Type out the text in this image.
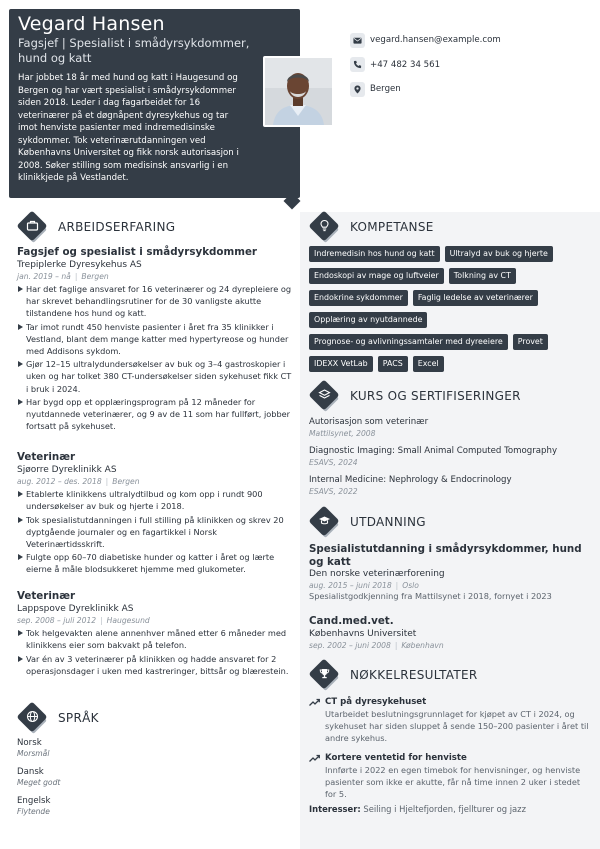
Vegard Hansen
Fagsjef | Spesialist i smådyrsykdommer, hund og katt
Har jobbet 18 år med hund og katt i Haugesund og Bergen og har vært spesialist i smådyrsykdommer siden 2018. Leder i dag fagarbeidet for 16 veterinærer på et døgnåpent dyresykehus og tar imot henviste pasienter med indremedisinske sykdommer. Tok veterinærutdanningen ved Københavns Universitet og fikk norsk autorisasjon i 2008. Søker stilling som medisinsk ansvarlig i en klinikkjede på Vestlandet.
vegard.hansen@example.com
+47 482 34 561
Bergen
ARBEIDSERFARING
Fagsjef og spesialist i smådyrsykdommer
Trepiplerke Dyresykehus AS
jan. 2019 – nå | Bergen
Har det faglige ansvaret for 16 veterinærer og 24 dyrepleiere og har skrevet behandlingsrutiner for de 30 vanligste akutte tilstandene hos hund og katt.
Tar imot rundt 450 henviste pasienter i året fra 35 klinikker i Vestland, blant dem mange katter med hypertyreose og hunder med Addisons sykdom.
Gjør 12–15 ultralydundersøkelser av buk og 3–4 gastroskopier i uken og har tolket 380 CT-undersøkelser siden sykehuset fikk CT i bruk i 2024.
Har bygd opp et opplæringsprogram på 12 måneder for nyutdannede veterinærer, og 9 av de 11 som har fullført, jobber fortsatt på sykehuset.
Veterinær
Sjøorre Dyreklinikk AS
aug. 2012 – des. 2018 | Bergen
Etablerte klinikkens ultralydtilbud og kom opp i rundt 900 undersøkelser av buk og hjerte i 2018.
Tok spesialistutdanningen i full stilling på klinikken og skrev 20 dyptgående journaler og en fagartikkel i Norsk Veterinærtidsskrift.
Fulgte opp 60–70 diabetiske hunder og katter i året og lærte eierne å måle blodsukkeret hjemme med glukometer.
Veterinær
Lappspove Dyreklinikk AS
sep. 2008 – juli 2012 | Haugesund
Tok helgevakten alene annenhver måned etter 6 måneder med klinikkens eier som bakvakt på telefon.
Var én av 3 veterinærer på klinikken og hadde ansvaret for 2 operasjonsdager i uken med kastreringer, bittsår og blærestein.
SPRÅK
Norsk
Morsmål
Dansk
Meget godt
Engelsk
Flytende
KOMPETANSE
Indremedisin hos hund og katt	Ultralyd av buk og hjerte
Endoskopi av mage og luftveier	Tolkning av CT
Endokrine sykdommer	Faglig ledelse av veterinærer
Opplæring av nyutdannede
Prognose- og avlivningssamtaler med dyreeiere	Provet
IDEXX VetLab	PACS	Excel
KURS OG SERTIFISERINGER
Autorisasjon som veterinær
Mattilsynet, 2008
Diagnostic Imaging: Small Animal Computed Tomography
ESAVS, 2024
Internal Medicine: Nephrology & Endocrinology
ESAVS, 2022
UTDANNING
Spesialistutdanning i smådyrsykdommer, hund og katt
Den norske veterinærforening
aug. 2015 – juni 2018 | Oslo
Spesialistgodkjenning fra Mattilsynet i 2018, fornyet i 2023
Cand.med.vet.
Københavns Universitet
sep. 2002 – juni 2008 | København
NØKKELRESULTATER
CT på dyresykehuset
Utarbeidet beslutningsgrunnlaget for kjøpet av CT i 2024, og sykehuset har siden sluppet å sende 150–200 pasienter i året til andre sykehus.
Kortere ventetid for henviste
Innførte i 2022 en egen timebok for henvisninger, og henviste pasienter som ikke er akutte, får nå time innen 2 uker i stedet for 5.
Interesser: Seiling i Hjeltefjorden, fjellturer og jazz
